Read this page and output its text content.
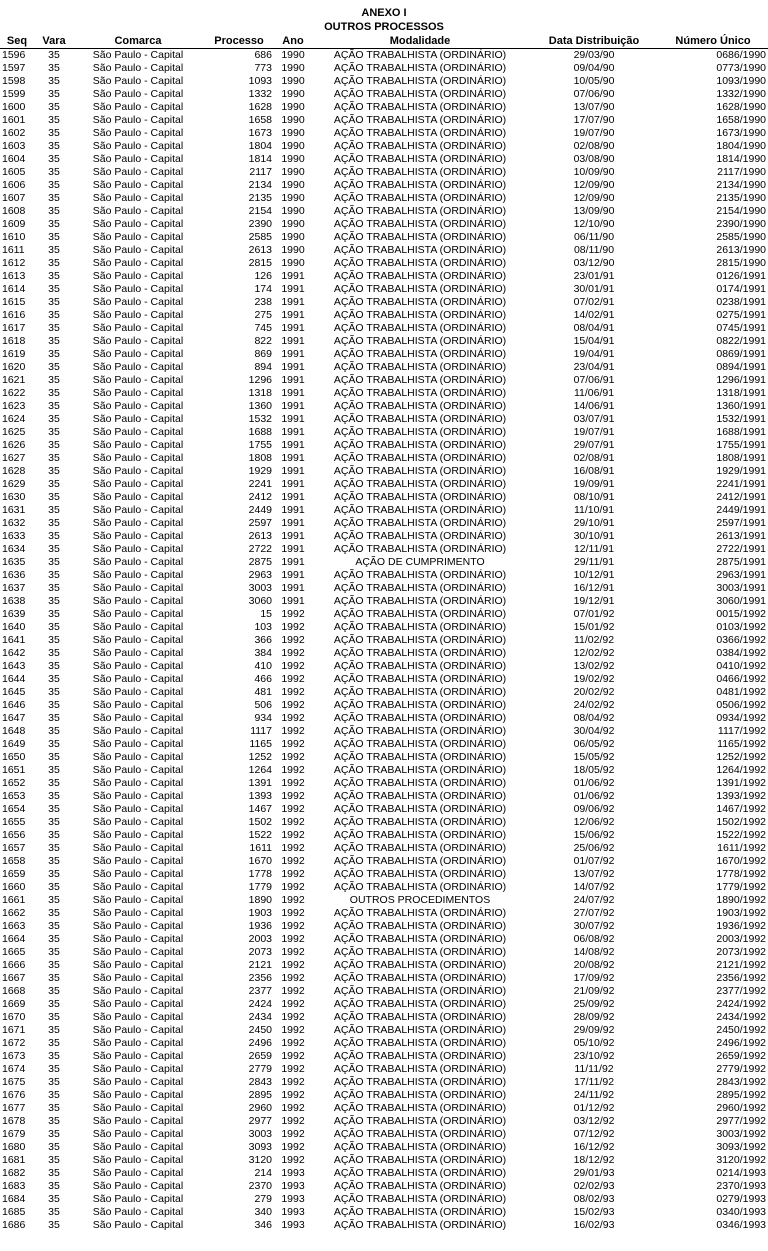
ANEXO I
OUTROS PROCESSOS
Seq	Vara	Comarca	Processo	Ano	Modalidade	Data Distribuição	Número Único
1596	35	São Paulo - Capital	686	1990	AÇÃO TRABALHISTA (ORDINÁRIO)	29/03/90	0686/1990
1597	35	São Paulo - Capital	773	1990	AÇÃO TRABALHISTA (ORDINÁRIO)	09/04/90	0773/1990
1598	35	São Paulo - Capital	1093	1990	AÇÃO TRABALHISTA (ORDINÁRIO)	10/05/90	1093/1990
1599	35	São Paulo - Capital	1332	1990	AÇÃO TRABALHISTA (ORDINÁRIO)	07/06/90	1332/1990
1600	35	São Paulo - Capital	1628	1990	AÇÃO TRABALHISTA (ORDINÁRIO)	13/07/90	1628/1990
1601	35	São Paulo - Capital	1658	1990	AÇÃO TRABALHISTA (ORDINÁRIO)	17/07/90	1658/1990
1602	35	São Paulo - Capital	1673	1990	AÇÃO TRABALHISTA (ORDINÁRIO)	19/07/90	1673/1990
1603	35	São Paulo - Capital	1804	1990	AÇÃO TRABALHISTA (ORDINÁRIO)	02/08/90	1804/1990
1604	35	São Paulo - Capital	1814	1990	AÇÃO TRABALHISTA (ORDINÁRIO)	03/08/90	1814/1990
1605	35	São Paulo - Capital	2117	1990	AÇÃO TRABALHISTA (ORDINÁRIO)	10/09/90	2117/1990
1606	35	São Paulo - Capital	2134	1990	AÇÃO TRABALHISTA (ORDINÁRIO)	12/09/90	2134/1990
1607	35	São Paulo - Capital	2135	1990	AÇÃO TRABALHISTA (ORDINÁRIO)	12/09/90	2135/1990
1608	35	São Paulo - Capital	2154	1990	AÇÃO TRABALHISTA (ORDINÁRIO)	13/09/90	2154/1990
1609	35	São Paulo - Capital	2390	1990	AÇÃO TRABALHISTA (ORDINÁRIO)	12/10/90	2390/1990
1610	35	São Paulo - Capital	2585	1990	AÇÃO TRABALHISTA (ORDINÁRIO)	06/11/90	2585/1990
1611	35	São Paulo - Capital	2613	1990	AÇÃO TRABALHISTA (ORDINÁRIO)	08/11/90	2613/1990
1612	35	São Paulo - Capital	2815	1990	AÇÃO TRABALHISTA (ORDINÁRIO)	03/12/90	2815/1990
1613	35	São Paulo - Capital	126	1991	AÇÃO TRABALHISTA (ORDINÁRIO)	23/01/91	0126/1991
1614	35	São Paulo - Capital	174	1991	AÇÃO TRABALHISTA (ORDINÁRIO)	30/01/91	0174/1991
1615	35	São Paulo - Capital	238	1991	AÇÃO TRABALHISTA (ORDINÁRIO)	07/02/91	0238/1991
1616	35	São Paulo - Capital	275	1991	AÇÃO TRABALHISTA (ORDINÁRIO)	14/02/91	0275/1991
1617	35	São Paulo - Capital	745	1991	AÇÃO TRABALHISTA (ORDINÁRIO)	08/04/91	0745/1991
1618	35	São Paulo - Capital	822	1991	AÇÃO TRABALHISTA (ORDINÁRIO)	15/04/91	0822/1991
1619	35	São Paulo - Capital	869	1991	AÇÃO TRABALHISTA (ORDINÁRIO)	19/04/91	0869/1991
1620	35	São Paulo - Capital	894	1991	AÇÃO TRABALHISTA (ORDINÁRIO)	23/04/91	0894/1991
1621	35	São Paulo - Capital	1296	1991	AÇÃO TRABALHISTA (ORDINÁRIO)	07/06/91	1296/1991
1622	35	São Paulo - Capital	1318	1991	AÇÃO TRABALHISTA (ORDINÁRIO)	11/06/91	1318/1991
1623	35	São Paulo - Capital	1360	1991	AÇÃO TRABALHISTA (ORDINÁRIO)	14/06/91	1360/1991
1624	35	São Paulo - Capital	1532	1991	AÇÃO TRABALHISTA (ORDINÁRIO)	03/07/91	1532/1991
1625	35	São Paulo - Capital	1688	1991	AÇÃO TRABALHISTA (ORDINÁRIO)	19/07/91	1688/1991
1626	35	São Paulo - Capital	1755	1991	AÇÃO TRABALHISTA (ORDINÁRIO)	29/07/91	1755/1991
1627	35	São Paulo - Capital	1808	1991	AÇÃO TRABALHISTA (ORDINÁRIO)	02/08/91	1808/1991
1628	35	São Paulo - Capital	1929	1991	AÇÃO TRABALHISTA (ORDINÁRIO)	16/08/91	1929/1991
1629	35	São Paulo - Capital	2241	1991	AÇÃO TRABALHISTA (ORDINÁRIO)	19/09/91	2241/1991
1630	35	São Paulo - Capital	2412	1991	AÇÃO TRABALHISTA (ORDINÁRIO)	08/10/91	2412/1991
1631	35	São Paulo - Capital	2449	1991	AÇÃO TRABALHISTA (ORDINÁRIO)	11/10/91	2449/1991
1632	35	São Paulo - Capital	2597	1991	AÇÃO TRABALHISTA (ORDINÁRIO)	29/10/91	2597/1991
1633	35	São Paulo - Capital	2613	1991	AÇÃO TRABALHISTA (ORDINÁRIO)	30/10/91	2613/1991
1634	35	São Paulo - Capital	2722	1991	AÇÃO TRABALHISTA (ORDINÁRIO)	12/11/91	2722/1991
1635	35	São Paulo - Capital	2875	1991	AÇÃO DE CUMPRIMENTO	29/11/91	2875/1991
1636	35	São Paulo - Capital	2963	1991	AÇÃO TRABALHISTA (ORDINÁRIO)	10/12/91	2963/1991
1637	35	São Paulo - Capital	3003	1991	AÇÃO TRABALHISTA (ORDINÁRIO)	16/12/91	3003/1991
1638	35	São Paulo - Capital	3060	1991	AÇÃO TRABALHISTA (ORDINÁRIO)	19/12/91	3060/1991
1639	35	São Paulo - Capital	15	1992	AÇÃO TRABALHISTA (ORDINÁRIO)	07/01/92	0015/1992
1640	35	São Paulo - Capital	103	1992	AÇÃO TRABALHISTA (ORDINÁRIO)	15/01/92	0103/1992
1641	35	São Paulo - Capital	366	1992	AÇÃO TRABALHISTA (ORDINÁRIO)	11/02/92	0366/1992
1642	35	São Paulo - Capital	384	1992	AÇÃO TRABALHISTA (ORDINÁRIO)	12/02/92	0384/1992
1643	35	São Paulo - Capital	410	1992	AÇÃO TRABALHISTA (ORDINÁRIO)	13/02/92	0410/1992
1644	35	São Paulo - Capital	466	1992	AÇÃO TRABALHISTA (ORDINÁRIO)	19/02/92	0466/1992
1645	35	São Paulo - Capital	481	1992	AÇÃO TRABALHISTA (ORDINÁRIO)	20/02/92	0481/1992
1646	35	São Paulo - Capital	506	1992	AÇÃO TRABALHISTA (ORDINÁRIO)	24/02/92	0506/1992
1647	35	São Paulo - Capital	934	1992	AÇÃO TRABALHISTA (ORDINÁRIO)	08/04/92	0934/1992
1648	35	São Paulo - Capital	1117	1992	AÇÃO TRABALHISTA (ORDINÁRIO)	30/04/92	1117/1992
1649	35	São Paulo - Capital	1165	1992	AÇÃO TRABALHISTA (ORDINÁRIO)	06/05/92	1165/1992
1650	35	São Paulo - Capital	1252	1992	AÇÃO TRABALHISTA (ORDINÁRIO)	15/05/92	1252/1992
1651	35	São Paulo - Capital	1264	1992	AÇÃO TRABALHISTA (ORDINÁRIO)	18/05/92	1264/1992
1652	35	São Paulo - Capital	1391	1992	AÇÃO TRABALHISTA (ORDINÁRIO)	01/06/92	1391/1992
1653	35	São Paulo - Capital	1393	1992	AÇÃO TRABALHISTA (ORDINÁRIO)	01/06/92	1393/1992
1654	35	São Paulo - Capital	1467	1992	AÇÃO TRABALHISTA (ORDINÁRIO)	09/06/92	1467/1992
1655	35	São Paulo - Capital	1502	1992	AÇÃO TRABALHISTA (ORDINÁRIO)	12/06/92	1502/1992
1656	35	São Paulo - Capital	1522	1992	AÇÃO TRABALHISTA (ORDINÁRIO)	15/06/92	1522/1992
1657	35	São Paulo - Capital	1611	1992	AÇÃO TRABALHISTA (ORDINÁRIO)	25/06/92	1611/1992
1658	35	São Paulo - Capital	1670	1992	AÇÃO TRABALHISTA (ORDINÁRIO)	01/07/92	1670/1992
1659	35	São Paulo - Capital	1778	1992	AÇÃO TRABALHISTA (ORDINÁRIO)	13/07/92	1778/1992
1660	35	São Paulo - Capital	1779	1992	AÇÃO TRABALHISTA (ORDINÁRIO)	14/07/92	1779/1992
1661	35	São Paulo - Capital	1890	1992	OUTROS PROCEDIMENTOS	24/07/92	1890/1992
1662	35	São Paulo - Capital	1903	1992	AÇÃO TRABALHISTA (ORDINÁRIO)	27/07/92	1903/1992
1663	35	São Paulo - Capital	1936	1992	AÇÃO TRABALHISTA (ORDINÁRIO)	30/07/92	1936/1992
1664	35	São Paulo - Capital	2003	1992	AÇÃO TRABALHISTA (ORDINÁRIO)	06/08/92	2003/1992
1665	35	São Paulo - Capital	2073	1992	AÇÃO TRABALHISTA (ORDINÁRIO)	14/08/92	2073/1992
1666	35	São Paulo - Capital	2121	1992	AÇÃO TRABALHISTA (ORDINÁRIO)	20/08/92	2121/1992
1667	35	São Paulo - Capital	2356	1992	AÇÃO TRABALHISTA (ORDINÁRIO)	17/09/92	2356/1992
1668	35	São Paulo - Capital	2377	1992	AÇÃO TRABALHISTA (ORDINÁRIO)	21/09/92	2377/1992
1669	35	São Paulo - Capital	2424	1992	AÇÃO TRABALHISTA (ORDINÁRIO)	25/09/92	2424/1992
1670	35	São Paulo - Capital	2434	1992	AÇÃO TRABALHISTA (ORDINÁRIO)	28/09/92	2434/1992
1671	35	São Paulo - Capital	2450	1992	AÇÃO TRABALHISTA (ORDINÁRIO)	29/09/92	2450/1992
1672	35	São Paulo - Capital	2496	1992	AÇÃO TRABALHISTA (ORDINÁRIO)	05/10/92	2496/1992
1673	35	São Paulo - Capital	2659	1992	AÇÃO TRABALHISTA (ORDINÁRIO)	23/10/92	2659/1992
1674	35	São Paulo - Capital	2779	1992	AÇÃO TRABALHISTA (ORDINÁRIO)	11/11/92	2779/1992
1675	35	São Paulo - Capital	2843	1992	AÇÃO TRABALHISTA (ORDINÁRIO)	17/11/92	2843/1992
1676	35	São Paulo - Capital	2895	1992	AÇÃO TRABALHISTA (ORDINÁRIO)	24/11/92	2895/1992
1677	35	São Paulo - Capital	2960	1992	AÇÃO TRABALHISTA (ORDINÁRIO)	01/12/92	2960/1992
1678	35	São Paulo - Capital	2977	1992	AÇÃO TRABALHISTA (ORDINÁRIO)	03/12/92	2977/1992
1679	35	São Paulo - Capital	3003	1992	AÇÃO TRABALHISTA (ORDINÁRIO)	07/12/92	3003/1992
1680	35	São Paulo - Capital	3093	1992	AÇÃO TRABALHISTA (ORDINÁRIO)	16/12/92	3093/1992
1681	35	São Paulo - Capital	3120	1992	AÇÃO TRABALHISTA (ORDINÁRIO)	18/12/92	3120/1992
1682	35	São Paulo - Capital	214	1993	AÇÃO TRABALHISTA (ORDINÁRIO)	29/01/93	0214/1993
1683	35	São Paulo - Capital	2370	1993	AÇÃO TRABALHISTA (ORDINÁRIO)	02/02/93	2370/1993
1684	35	São Paulo - Capital	279	1993	AÇÃO TRABALHISTA (ORDINÁRIO)	08/02/93	0279/1993
1685	35	São Paulo - Capital	340	1993	AÇÃO TRABALHISTA (ORDINÁRIO)	15/02/93	0340/1993
1686	35	São Paulo - Capital	346	1993	AÇÃO TRABALHISTA (ORDINÁRIO)	16/02/93	0346/1993
